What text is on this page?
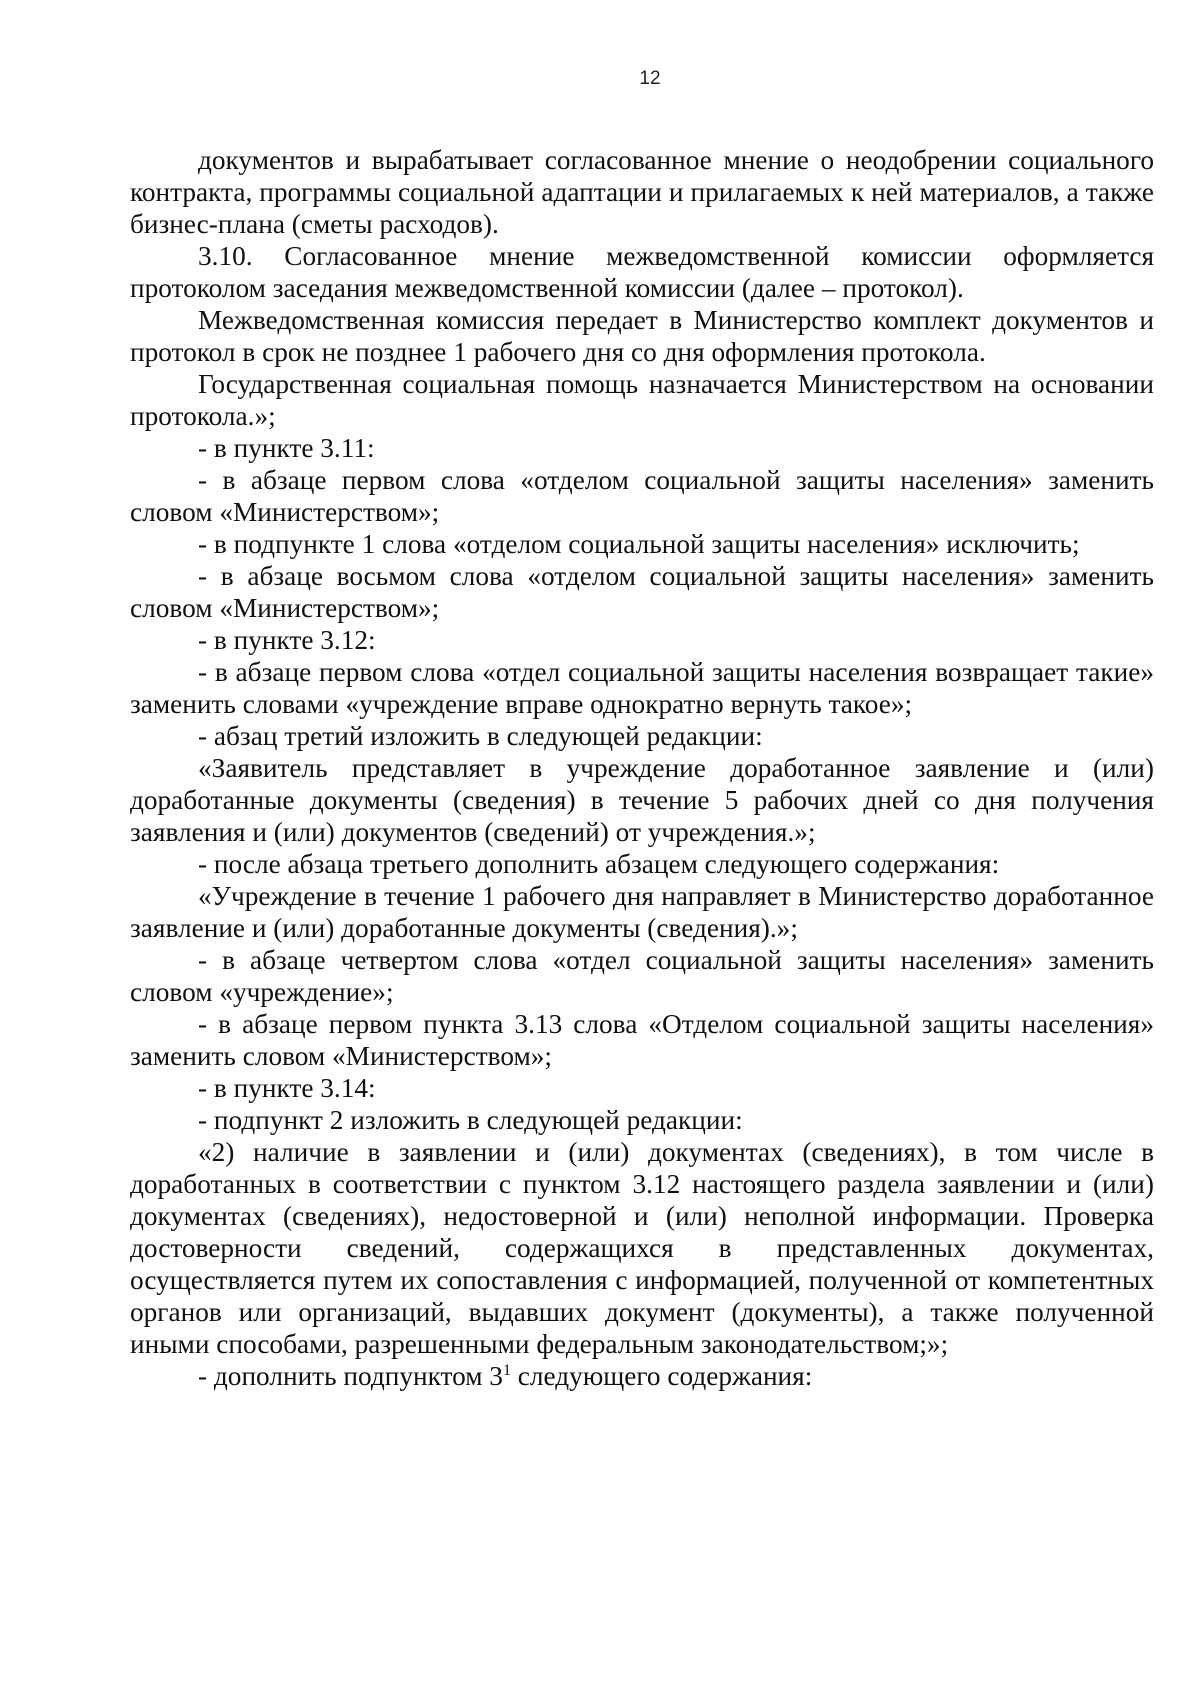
12

документов и вырабатывает согласованное мнение о неодобрении социального контракта, программы социальной адаптации и прилагаемых к ней материалов, а также бизнес-плана (сметы расходов).

3.10. Согласованное мнение межведомственной комиссии оформляется протоколом заседания межведомственной комиссии (далее – протокол).

Межведомственная комиссия передает в Министерство комплект документов и протокол в срок не позднее 1 рабочего дня со дня оформления протокола.

Государственная социальная помощь назначается Министерством на основании протокола.»;

- в пункте 3.11:

- в абзаце первом слова «отделом социальной защиты населения» заменить словом «Министерством»;

- в подпункте 1 слова «отделом социальной защиты населения» исключить;

- в абзаце восьмом слова «отделом социальной защиты населения» заменить словом «Министерством»;

- в пункте 3.12:

- в абзаце первом слова «отдел социальной защиты населения возвращает такие» заменить словами «учреждение вправе однократно вернуть такое»;

- абзац третий изложить в следующей редакции:

«Заявитель представляет в учреждение доработанное заявление и (или) доработанные документы (сведения) в течение 5 рабочих дней со дня получения заявления и (или) документов (сведений) от учреждения.»;

- после абзаца третьего дополнить абзацем следующего содержания:

«Учреждение в течение 1 рабочего дня направляет в Министерство доработанное заявление и (или) доработанные документы (сведения).»;

- в абзаце четвертом слова «отдел социальной защиты населения» заменить словом «учреждение»;

- в абзаце первом пункта 3.13 слова «Отделом социальной защиты населения» заменить словом «Министерством»;

- в пункте 3.14:

- подпункт 2 изложить в следующей редакции:

«2) наличие в заявлении и (или) документах (сведениях), в том числе в доработанных в соответствии с пунктом 3.12 настоящего раздела заявлении и (или) документах (сведениях), недостоверной и (или) неполной информации. Проверка достоверности сведений, содержащихся в представленных документах, осуществляется путем их сопоставления с информацией, полученной от компетентных органов или организаций, выдавших документ (документы), а также полученной иными способами, разрешенными федеральным законодательством;»;

- дополнить подпунктом $3^1$ следующего содержания:
